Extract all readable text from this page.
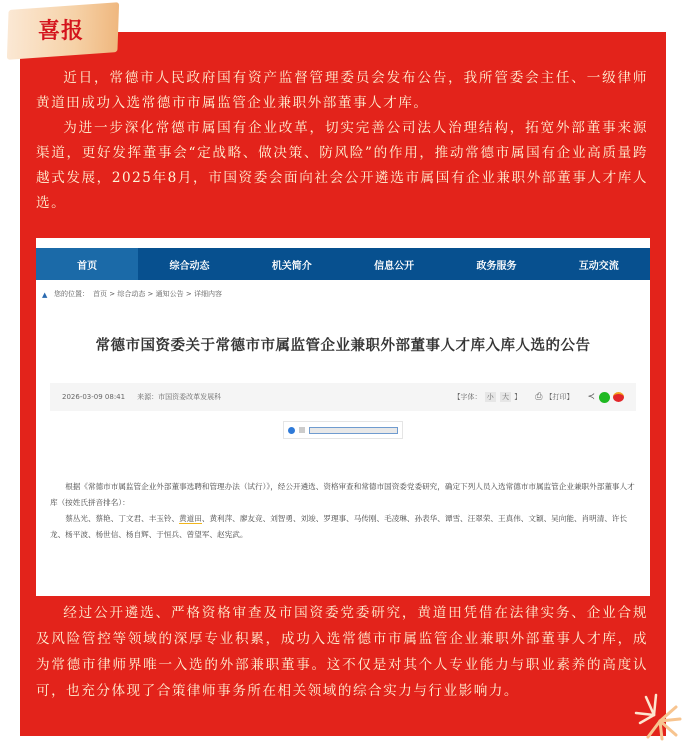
喜报

近日，常德市人民政府国有资产监督管理委员会发布公告，我所管委会主任、一级律师黄道田成功入选常德市市属监管企业兼职外部董事人才库。

为进一步深化常德市属国有企业改革，切实完善公司法人治理结构，拓宽外部董事来源渠道，更好发挥董事会“定战略、做决策、防风险”的作用，推动常德市属国有企业高质量跨越式发展，2025年8月，市国资委会面向社会公开遴选市属国有企业兼职外部董事人才库人选。

首页	综合动态	机关简介	信息公开	政务服务	互动交流
▲ 您的位置： 首页 > 综合动态 > 通知公告 > 详细内容
常德市国资委关于常德市市属监管企业兼职外部董事人才库入库人选的公告
2026-03-09 08:41 来源：市国资委改革发展科	【字体： 小 大 】 ⎙ 【打印】 ≺

根据《常德市市属监管企业外部董事选聘和管理办法（试行）》，经公开遴选、资格审查和常德市国资委党委研究，确定下列人员入选常德市市属监管企业兼职外部董事人才库（按姓氏拼音排名）：

蔡丛光、蔡艳、丁文君、丰玉铃、黄道田、黄利萍、廖友竞、刘智勇、刘竣、罗理事、马传刚、毛凌琳、孙表华、谭雪、汪翠荣、王真伟、文颖、吴向能、肖明清、许长龙、杨平波、杨世信、杨自辉、于恒兵、曾望军、赵宪武。

经过公开遴选、严格资格审查及市国资委党委研究，黄道田凭借在法律实务、企业合规及风险管控等领域的深厚专业积累，成功入选常德市市属监管企业兼职外部董事人才库，成为常德市律师界唯一入选的外部兼职董事。这不仅是对其个人专业能力与职业素养的高度认可，也充分体现了合策律师事务所在相关领域的综合实力与行业影响力。
